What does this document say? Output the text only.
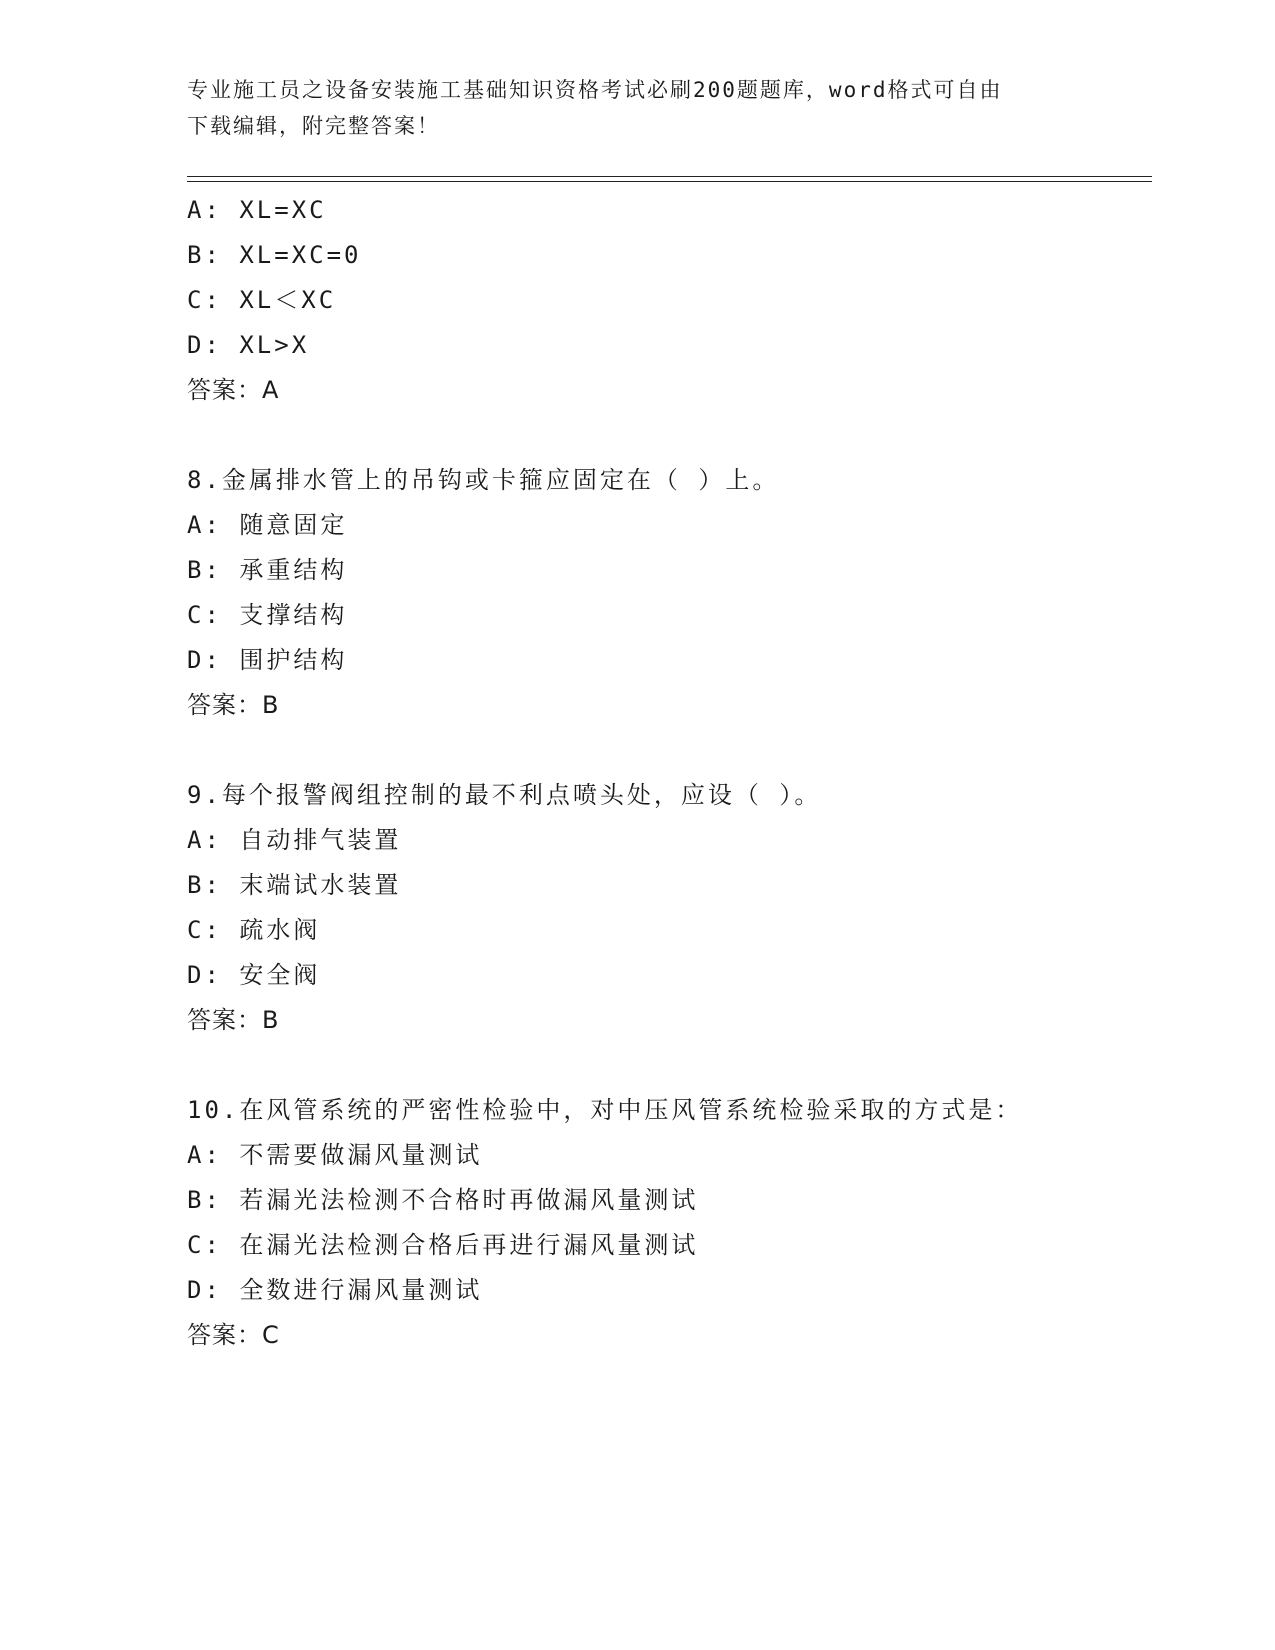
专业施工员之设备安装施工基础知识资格考试必刷200题题库，word格式可自由
下载编辑，附完整答案！
A: XL=XC
B: XL=XC=0
C: XL＜XC
D: XL>X
答案：A
8.金属排水管上的吊钩或卡箍应固定在（ ）上。
A: 随意固定
B: 承重结构
C: 支撑结构
D: 围护结构
答案：B
9.每个报警阀组控制的最不利点喷头处，应设（ ）。
A: 自动排气装置
B: 末端试水装置
C: 疏水阀
D: 安全阀
答案：B
10.在风管系统的严密性检验中，对中压风管系统检验采取的方式是：
A: 不需要做漏风量测试
B: 若漏光法检测不合格时再做漏风量测试
C: 在漏光法检测合格后再进行漏风量测试
D: 全数进行漏风量测试
答案：C
